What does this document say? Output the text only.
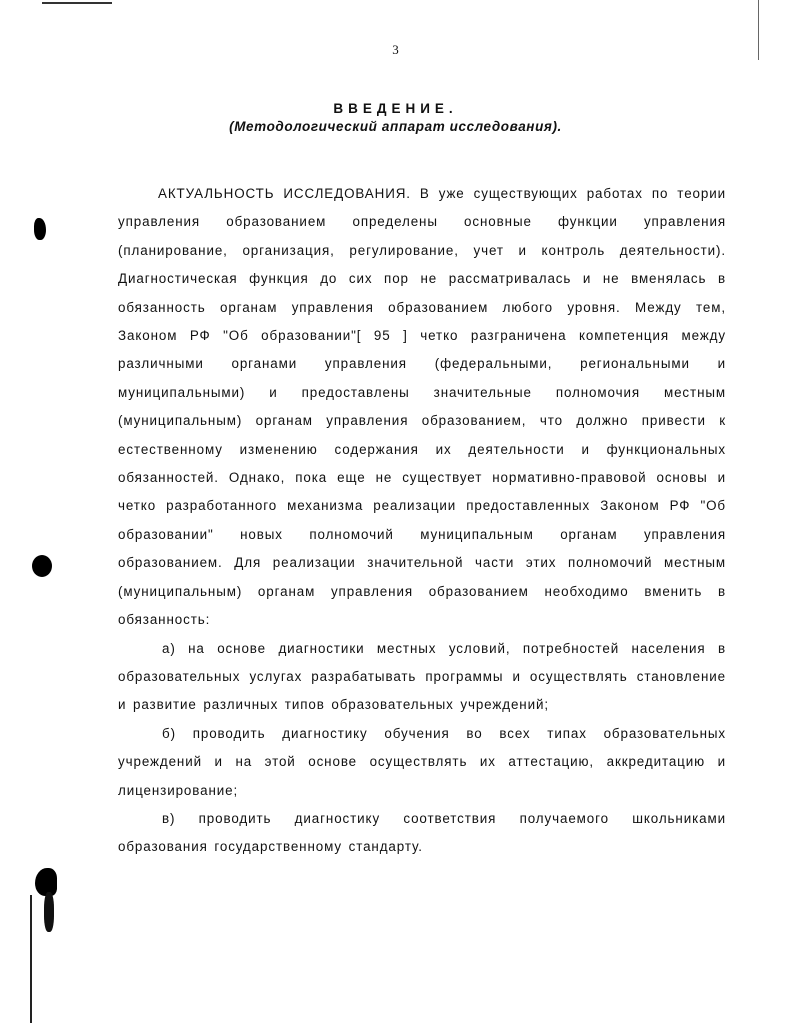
3
ВВЕДЕНИЕ.
(Методологический аппарат исследования).

АКТУАЛЬНОСТЬ ИССЛЕДОВАНИЯ. В уже существующих работах по теории управления образованием определены основные функции управления (планирование, организация, регулирование, учет и контроль деятельности). Диагностическая функция до сих пор не рассматривалась и не вменялась в обязанность органам управления образованием любого уровня. Между тем, Законом РФ "Об образовании"[ 95 ] четко разграничена компетенция между различными органами управления (федеральными, региональными и муниципальными) и предоставлены значительные полномочия местным (муниципальным) органам управления образованием, что должно привести к естественному изменению содержания их деятельности и функциональных обязанностей. Однако, пока еще не существует нормативно-правовой основы и четко разработанного механизма реализации предоставленных Законом РФ "Об образовании" новых полномочий муниципальным органам управления образованием. Для реализации значительной части этих полномочий местным (муниципальным) органам управления образованием необходимо вменить в обязанность:

а) на основе диагностики местных условий, потребностей населения в образовательных услугах разрабатывать программы и осуществлять становление и развитие различных типов образовательных учреждений;

б) проводить диагностику обучения во всех типах образовательных учреждений и на этой основе осуществлять их аттестацию, аккредитацию и лицензирование;

в) проводить диагностику соответствия получаемого школьниками образования государственному стандарту.
